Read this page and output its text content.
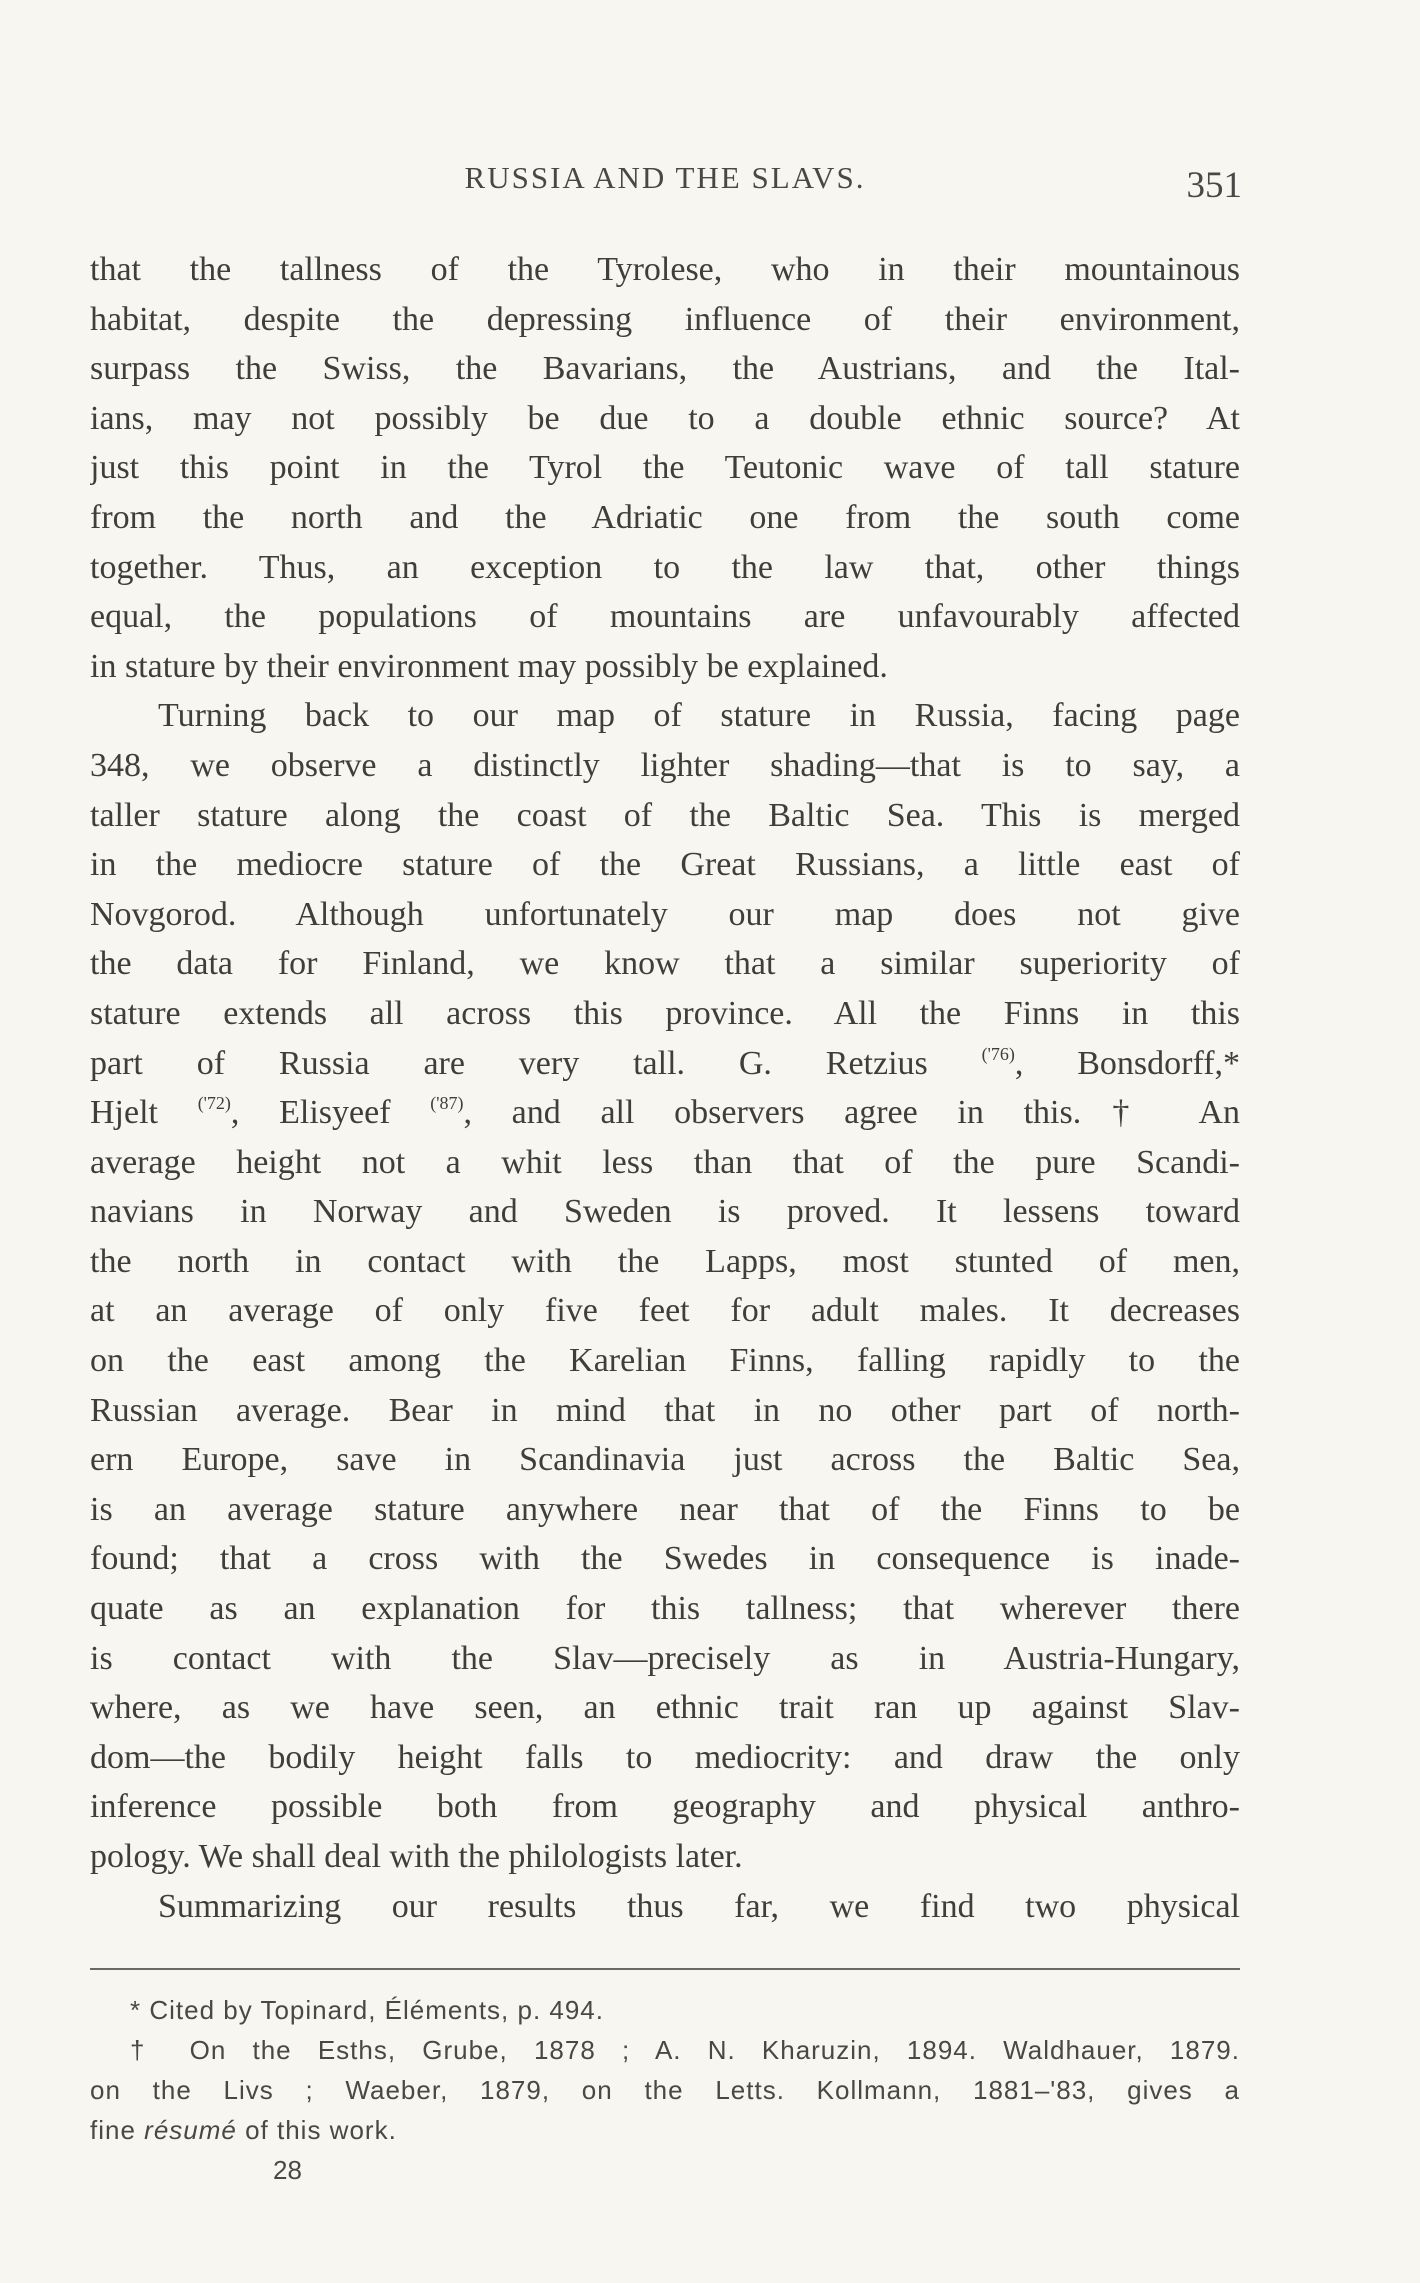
RUSSIA AND THE SLAVS.	351
that the tallness of the Tyrolese, who in their mountainous
habitat, despite the depressing influence of their environment,
surpass the Swiss, the Bavarians, the Austrians, and the Ital-
ians, may not possibly be due to a double ethnic source? At
just this point in the Tyrol the Teutonic wave of tall stature
from the north and the Adriatic one from the south come
together. Thus, an exception to the law that, other things
equal, the populations of mountains are unfavourably affected
in stature by their environment may possibly be explained.
Turning back to our map of stature in Russia, facing page
348, we observe a distinctly lighter shading—that is to say, a
taller stature along the coast of the Baltic Sea. This is merged
in the mediocre stature of the Great Russians, a little east of
Novgorod. Although unfortunately our map does not give
the data for Finland, we know that a similar superiority of
stature extends all across this province. All the Finns in this
part of Russia are very tall. G. Retzius	$^{('76)}$, Bonsdorff,*
Hjelt $^{('72)}$, Elisyeef $^{('87)}$, and all observers agree in this.† An
average height not a whit less than that of the pure Scandi-
navians in Norway and Sweden is proved. It lessens toward
the north in contact with the Lapps, most stunted of men,
at an average of only five feet for adult males. It decreases
on the east among the Karelian Finns, falling rapidly to the
Russian average. Bear in mind that in no other part of north-
ern Europe, save in Scandinavia just across the Baltic Sea,
is an average stature anywhere near that of the Finns to be
found; that a cross with the Swedes in consequence is inade-
quate as an explanation for this tallness; that wherever there
is contact with the Slav—precisely as in Austria-Hungary,
where, as we have seen, an ethnic trait ran up against Slav-
dom—the bodily height falls to mediocrity: and draw the only
inference possible both from geography and physical anthro-
pology. We shall deal with the philologists later.
Summarizing our results thus far, we find two physical
* Cited by Topinard, Éléments, p. 494.
† On the Esths, Grube, 1878 ; A. N. Kharuzin, 1894. Waldhauer, 1879.
on the Livs ; Waeber, 1879, on the Letts. Kollmann, 1881–'83, gives a
fine résumé of this work.
28
